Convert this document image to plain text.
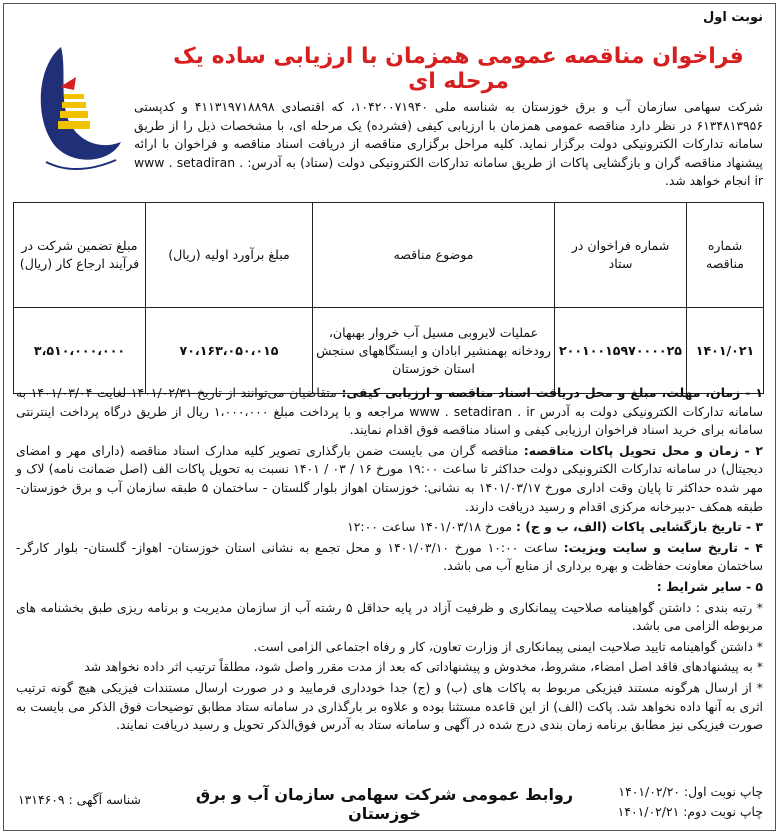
نوبت اول
فراخوان مناقصه عمومی همزمان با ارزیابی ساده یک مرحله ای

شرکت سهامی سازمان آب و برق خوزستان به شناسه ملی ۱۰۴۲۰۰۷۱۹۴۰، که اقتصادی ۴۱۱۳۱۹۷۱۸۸۹۸ و کدپستی ۶۱۳۴۸۱۳۹۵۶ در نظر دارد مناقصه عمومی همزمان با ارزیابی کیفی (فشرده) یک مرحله ای، با مشخصات ذیل را از طریق سامانه تدارکات الکترونیکی دولت برگزار نماید. کلیه مراحل برگزاری مناقصه از دریافت اسناد مناقصه و فراخوان با ارائه پیشنهاد مناقصه گران و بازگشایی پاکات از طریق سامانه تدارکات الکترونیکی دولت (ستاد) به آدرس: www . setadiran . ir انجام خواهد شد.

شماره مناقصه	شماره فراخوان در ستاد	موضوع مناقصه	مبلغ برآورد اولیه (ریال)	مبلغ تضمین شرکت در فرآیند ارجاع کار (ریال)
۱۴۰۱/۰۲۱	۲۰۰۱۰۰۱۵۹۷۰۰۰۰۲۵	عملیات لایروبی مسیل آب خروار بهبهان، رودخانه بهمنشیر ابادان و ایستگاههای سنجش استان خوزستان	۷۰،۱۶۳،۰۵۰،۰۱۵	۳،۵۱۰،۰۰۰،۰۰۰

۱ - زمان، مهلت، مبلغ و محل دریافت اسناد مناقصه و ارزیابی کیفی: متقاضیان می‌توانند از تاریخ ۱۴۰۱/۰۲/۳۱ لغایت ۱۴۰۱/۰۳/۰۴ به سامانه تدارکات الکترونیکی دولت به آدرس www . setadiran . ir مراجعه و با پرداخت مبلغ ۱،۰۰۰،۰۰۰ ریال از طریق درگاه پرداخت اینترنتی سامانه برای خرید اسناد فراخوان ارزیابی کیفی و اسناد مناقصه فوق اقدام نمایند.

۲ - زمان و محل تحویل پاکات مناقصه: مناقصه گران می بایست ضمن بارگذاری تصویر کلیه مدارک اسناد مناقصه (دارای مهر و امضای دیجیتال) در سامانه تدارکات الکترونیکی دولت حداکثر تا ساعت ۱۹:۰۰ مورخ ۱۶ / ۰۳ / ۱۴۰۱ نسبت به تحویل پاکات الف (اصل ضمانت نامه) لاک و مهر شده حداکثر تا پایان وقت اداری مورخ ۱۴۰۱/۰۳/۱۷ به نشانی: خوزستان اهواز بلوار گلستان - ساختمان ۵ طبقه سازمان آب و برق خوزستان- طبقه همکف -دبیرخانه مرکزی اقدام و رسید دریافت دارند.

۳ - تاریخ بازگشایی پاکات (الف، ب و ج) : مورخ ۱۴۰۱/۰۳/۱۸ ساعت ۱۲:۰۰

۴ - تاریخ سایت و سایت ویزیت: ساعت ۱۰:۰۰ مورخ ۱۴۰۱/۰۳/۱۰ و محل تجمع به نشانی استان خوزستان- اهواز- گلستان- بلوار کارگر- ساختمان معاونت حفاظت و بهره برداری از منابع آب می باشد.

۵ - سایر شرایط :

* رتبه بندی : داشتن گواهینامه صلاحیت پیمانکاری و ظرفیت آزاد در پایه حداقل ۵ رشته آب از سازمان مدیریت و برنامه ریزی طبق بخشنامه های مربوطه الزامی می باشد.

* داشتن گواهینامه تایید صلاحیت ایمنی پیمانکاری از وزارت تعاون، کار و رفاه اجتماعی الزامی است.

* به پیشنهادهای فاقد اصل امضاء، مشروط، مخدوش و پیشنهاداتی که بعد از مدت مقرر واصل شود، مطلقاً ترتیب اثر داده نخواهد شد

* از ارسال هرگونه مستند فیزیکی مربوط به پاکات های (ب) و (ج) جدا خودداری فرمایید و در صورت ارسال مستندات فیزیکی هیچ گونه ترتیب اثری به آنها داده نخواهد شد. پاکت (الف) از این قاعده مستثنا بوده و علاوه بر بارگذاری در سامانه ستاد مطابق توضیحات فوق الذکر می بایست به صورت فیزیکی نیز مطابق برنامه زمان بندی درج شده در آگهی و سامانه ستاد به آدرس فوق‌الذکر تحویل و رسید دریافت نمایند.

چاپ نوبت اول: ۱۴۰۱/۰۲/۲۰
چاپ نوبت دوم: ۱۴۰۱/۰۲/۲۱
روابط عمومی شرکت سهامی سازمان آب و برق خوزستان
شناسه آگهی : ۱۳۱۴۶۰۹
